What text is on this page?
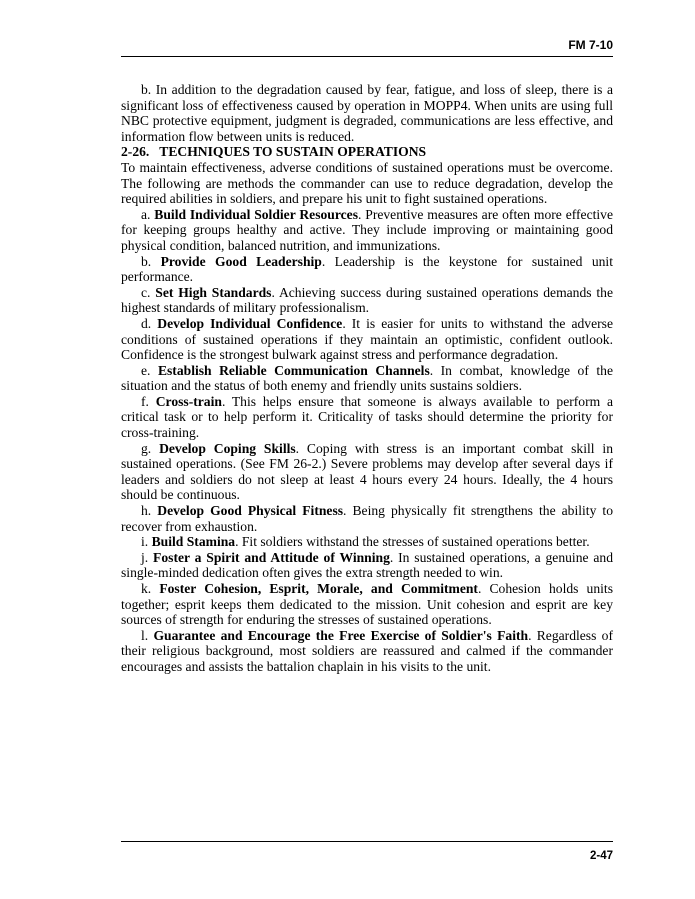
FM 7-10

b. In addition to the degradation caused by fear, fatigue, and loss of sleep, there is a significant loss of effectiveness caused by operation in MOPP4. When units are using full NBC protective equipment, judgment is degraded, communications are less effective, and information flow between units is reduced.

2-26. TECHNIQUES TO SUSTAIN OPERATIONS

To maintain effectiveness, adverse conditions of sustained operations must be overcome. The following are methods the commander can use to reduce degradation, develop the required abilities in soldiers, and prepare his unit to fight sustained operations.

a. Build Individual Soldier Resources. Preventive measures are often more effective for keeping groups healthy and active. They include improving or maintaining good physical condition, balanced nutrition, and immunizations.

b. Provide Good Leadership. Leadership is the keystone for sustained unit performance.

c. Set High Standards. Achieving success during sustained operations demands the highest standards of military professionalism.

d. Develop Individual Confidence. It is easier for units to withstand the adverse conditions of sustained operations if they maintain an optimistic, confident outlook. Confidence is the strongest bulwark against stress and performance degradation.

e. Establish Reliable Communication Channels. In combat, knowledge of the situation and the status of both enemy and friendly units sustains soldiers.

f. Cross-train. This helps ensure that someone is always available to perform a critical task or to help perform it. Criticality of tasks should determine the priority for cross-training.

g. Develop Coping Skills. Coping with stress is an important combat skill in sustained operations. (See FM 26-2.) Severe problems may develop after several days if leaders and soldiers do not sleep at least 4 hours every 24 hours. Ideally, the 4 hours should be continuous.

h. Develop Good Physical Fitness. Being physically fit strengthens the ability to recover from exhaustion.

i. Build Stamina. Fit soldiers withstand the stresses of sustained operations better.

j. Foster a Spirit and Attitude of Winning. In sustained operations, a genuine and single-minded dedication often gives the extra strength needed to win.

k. Foster Cohesion, Esprit, Morale, and Commitment. Cohesion holds units together; esprit keeps them dedicated to the mission. Unit cohesion and esprit are key sources of strength for enduring the stresses of sustained operations.

l. Guarantee and Encourage the Free Exercise of Soldier's Faith. Regardless of their religious background, most soldiers are reassured and calmed if the commander encourages and assists the battalion chaplain in his visits to the unit.

2-47
